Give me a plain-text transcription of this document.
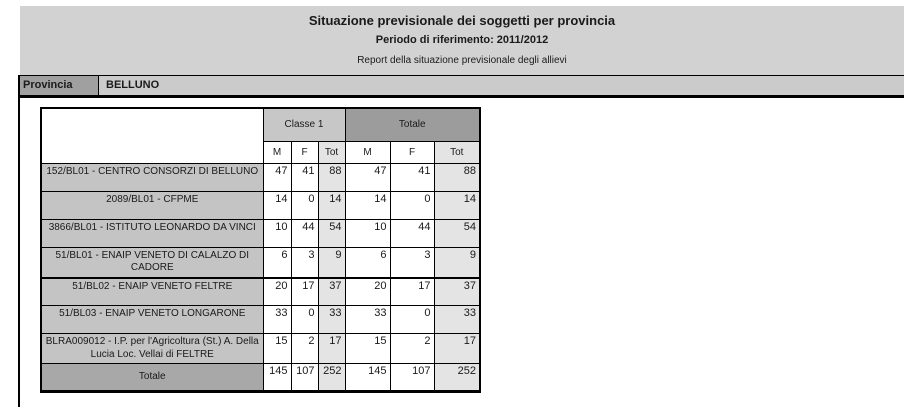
Situazione previsionale dei soggetti per provincia
Periodo di riferimento: 2011/2012
Report della situazione previsionale degli allievi
Provincia	BELLUNO
	Classe 1			Totale		
	M	F	Tot	M	F	Tot
152/BL01 - CENTRO CONSORZI DI BELLUNO	47	41	88	47	41	88
2089/BL01 - CFPME	14	0	14	14	0	14
3866/BL01 - ISTITUTO LEONARDO DA VINCI	10	44	54	10	44	54
51/BL01 - ENAIP VENETO DI CALALZO DI CADORE	6	3	9	6	3	9
51/BL02 - ENAIP VENETO FELTRE	20	17	37	20	17	37
51/BL03 - ENAIP VENETO LONGARONE	33	0	33	33	0	33
BLRA009012 - I.P. per l'Agricoltura (St.) A. Della Lucia Loc. Vellai di FELTRE	15	2	17	15	2	17
Totale	145	107	252	145	107	252
